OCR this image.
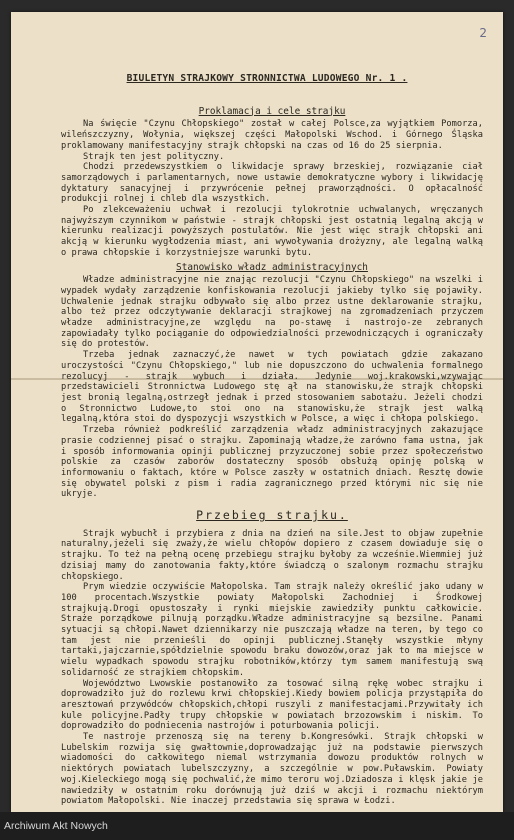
2
BIULETYN STRAJKOWY STRONNICTWA LUDOWEGO Nr. 1 .
Proklamacja i cele strajku

Na święcie "Czynu Chłopskiego" został w całej Polsce,za wyjątkiem Pomorza, wileńszczyzny, Wołynia, większej części Małopolski Wschod. i Górnego Śląska proklamowany manifestacyjny strajk chłopski na czas od 16 do 25 sierpnia.

Strajk ten jest polityczny.

Chodzi przedewszystkiem o likwidacje sprawy brzeskiej, rozwiązanie ciał samorządowych i parlamentarnych, nowe ustawie demokratyczne wybory i likwidację dyktatury sanacyjnej i przywrócenie pełnej praworządności. O opłacalność produkcji rolnej i chleb dla wszystkich.

Po zlekceważeniu uchwał i rezolucji tylokrotnie uchwalanych, wręczanych najwyższym czynnikom w państwie - strajk chłopski jest ostatnią legalną akcją w kierunku realizacji powyższych postulatów. Nie jest więc strajk chłopski ani akcją w kierunku wygłodzenia miast, ani wywoływania drożyzny, ale legalną walką o prawa chłopskie i korzystniejsze warunki bytu.

Stanowisko władz administracyjnych

Władze administracyjne nie znając rezolucji "Czynu Chłopskiego" na wszelki i wypadek wydały zarządzenie konfiskowania rezolucji jakieby tylko się pojawiły. Uchwalenie jednak strajku odbywało się albo przez ustne deklarowanie strajku, albo też przez odczytywanie deklaracji strajkowej na zgromadzeniach przyczem władze administracyjne,ze względu na po-stawę i nastrojo-ze zebranych zapowiadały tylko pociąganie do odpowiedzialności przewodniczących i ograniczały się do protestów.

Trzeba jednak zaznaczyć,że nawet w tych powiatach gdzie zakazano uroczystości "Czynu Chłopskiego," lub nie dopuszczono do uchwalenia formalnego rezolucyj - strajk wybuch i działa. Jedynie woj.krakowski,wzywając przedstawicieli Stronnictwa Ludowego stę ął na stanowisku,że strajk chłopski jest bronią legalną,ostrzegł jednak i przed stosowaniem sabotażu. Jeżeli chodzi o Stronnictwo Ludowe,to stoi ono na stanowisku,że strajk jest walką legalną,która stoi do dyspozycji wszystkich w Polsce, a więc i chłopa polskiego.

Trzeba również podkreślić zarządzenia władz administracyjnych zakazujące prasie codziennej pisać o strajku. Zapominają władze,że zarówno fama ustna, jak i sposób informowania opinji publicznej przyzuczonej sobie przez społeczeństwo polskie za czasów zaborów dostateczny sposób obsłużą opinję polską w informowaniu o faktach, które w Polsce zaszły w ostatnich dniach. Resztę dowie się obywatel polski z pism i radia zagranicznego przed którymi nic się nie ukryje.

Przebieg strajku.

Strajk wybuchł i przybiera z dnia na dzień na sile.Jest to objaw zupełnie naturalny,jeżeli się zważy,że wielu chłopów dopiero z czasem dowiaduje się o strajku. To też na pełną ocenę przebiegu strajku byłoby za wcześnie.Wiemmiej już dzisiaj mamy do zanotowania fakty,które świadczą o szalonym rozmachu strajku chłopskiego.

Prym wiedzie oczywiście Małopolska. Tam strajk należy określić jako udany w 100 procentach.Wszystkie powiaty Małopolski Zachodniej i Środkowej strajkują.Drogi opustoszały i rynki miejskie zawiedziły punktu całkowicie. Straże porządkowe pilnują porządku.Władze administracyjne są bezsilne. Panami sytuacji są chłopi.Nawet dziennikarzy nie puszczają władze na teren, by tego co tam jest nie przenieśli do opinji publicznej.Stanęły wszystkie młyny tartaki,jajczarnie,spółdzielnie spowodu braku dowozów,oraz jak to ma miejsce w wielu wypadkach spowodu strajku robotników,którzy tym samem manifestują swą solidarność ze strajkiem chłopskim.

Województwo Lwowskie postanowiło za tosować silną rękę wobec strajku i doprowadziło już do rozlewu krwi chłopskiej.Kiedy bowiem policja przystąpiła do aresztowań przywódców chłopskich,chłopi ruszyli z manifestacjami.Przywitały ich kule policyjne.Padły trupy chłopskie w powiatach brzozowskim i niskim. To doprowadziło do podniecenia nastrojów i poturbowania policji.

Te nastroje przenoszą się na tereny b.Kongresówki. Strajk chłopski w Lubelskim rozwija się gwałtownie,doprowadzając już na podstawie pierwszych wiadomości do całkowitego niemal wstrzymania dowozu produktów rolnych w niektórych powiatach lubelszczyzny, a szczególnie w pow.Puławskim. Powiaty woj.Kieleckiego mogą się pochwalić,że mimo teroru woj.Dziadosza i klęsk jakie je nawiedziły w ostatnim roku dorównują już dziś w akcji i rozmachu niektórym powiatom Małopolski. Nie inaczej przedstawia się sprawa w Łodzi.

Archiwum Akt Nowych
